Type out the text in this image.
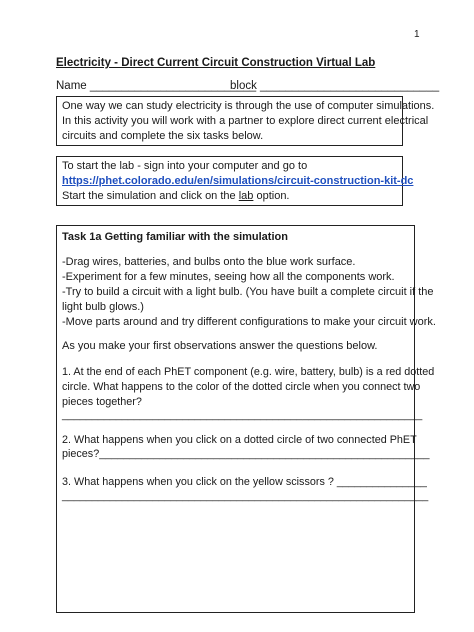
1
Electricity - Direct Current Circuit Construction Virtual Lab
Name __________________________
block ____________________________
One way we can study electricity is through the use of computer simulations.
In this activity you will work with a partner to explore direct current electrical
circuits and complete the six tasks below.
To start the lab - sign into your computer and go to
https://phet.colorado.edu/en/simulations/circuit-construction-kit-dc
Start the simulation and click on the lab option.
Task 1a Getting familiar with the simulation
-Drag wires, batteries, and bulbs onto the blue work surface.
-Experiment for a few minutes, seeing how all the components work.
-Try to build a circuit with a light bulb. (You have built a complete circuit if the
light bulb glows.)
-Move parts around and try different configurations to make your circuit work.
As you make your first observations answer the questions below.
1. At the end of each PhET component (e.g. wire, battery, bulb) is a red dotted
circle. What happens to the color of the dotted circle when you connect two
pieces together?
____________________________________________________________
2. What happens when you click on a dotted circle of two connected PhET
pieces?_______________________________________________________
3. What happens when you click on the yellow scissors ? _______________
_____________________________________________________________
